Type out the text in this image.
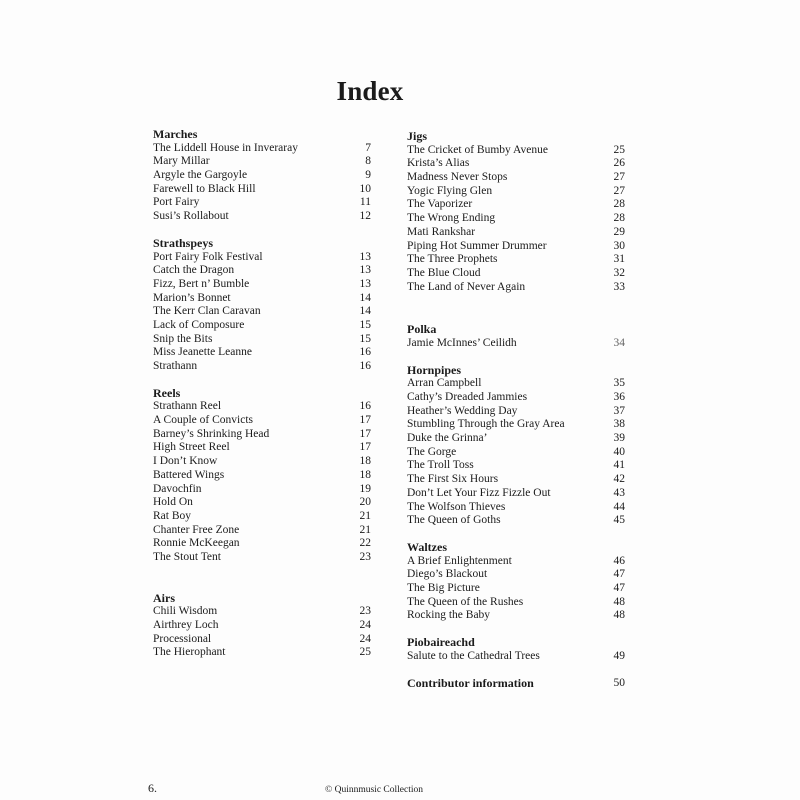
Index
Marches
The Liddell House in Inveraray	7
Mary Millar	8
Argyle the Gargoyle	9
Farewell to Black Hill	10
Port Fairy	11
Susi’s Rollabout	12
Strathspeys
Port Fairy Folk Festival	13
Catch the Dragon	13
Fizz, Bert n’ Bumble	13
Marion’s Bonnet	14
The Kerr Clan Caravan	14
Lack of Composure	15
Snip the Bits	15
Miss Jeanette Leanne	16
Strathann	16
Reels
Strathann Reel	16
A Couple of Convicts	17
Barney’s Shrinking Head	17
High Street Reel	17
I Don’t Know	18
Battered Wings	18
Davochfin	19
Hold On	20
Rat Boy	21
Chanter Free Zone	21
Ronnie McKeegan	22
The Stout Tent	23
Airs
Chili Wisdom	23
Airthrey Loch	24
Processional	24
The Hierophant	25
Jigs
The Cricket of Bumby Avenue	25
Krista’s Alias	26
Madness Never Stops	27
Yogic Flying Glen	27
The Vaporizer	28
The Wrong Ending	28
Mati Rankshar	29
Piping Hot Summer Drummer	30
The Three Prophets	31
The Blue Cloud	32
The Land of Never Again	33
Polka
Jamie McInnes’ Ceilidh	34
Hornpipes
Arran Campbell	35
Cathy’s Dreaded Jammies	36
Heather’s Wedding Day	37
Stumbling Through the Gray Area	38
Duke the Grinna’	39
The Gorge	40
The Troll Toss	41
The First Six Hours	42
Don’t Let Your Fizz Fizzle Out	43
The Wolfson Thieves	44
The Queen of Goths	45
Waltzes
A Brief Enlightenment	46
Diego’s Blackout	47
The Big Picture	47
The Queen of the Rushes	48
Rocking the Baby	48
Piobaireachd
Salute to the Cathedral Trees	49
Contributor information	50
6.	© Quinnmusic Collection
